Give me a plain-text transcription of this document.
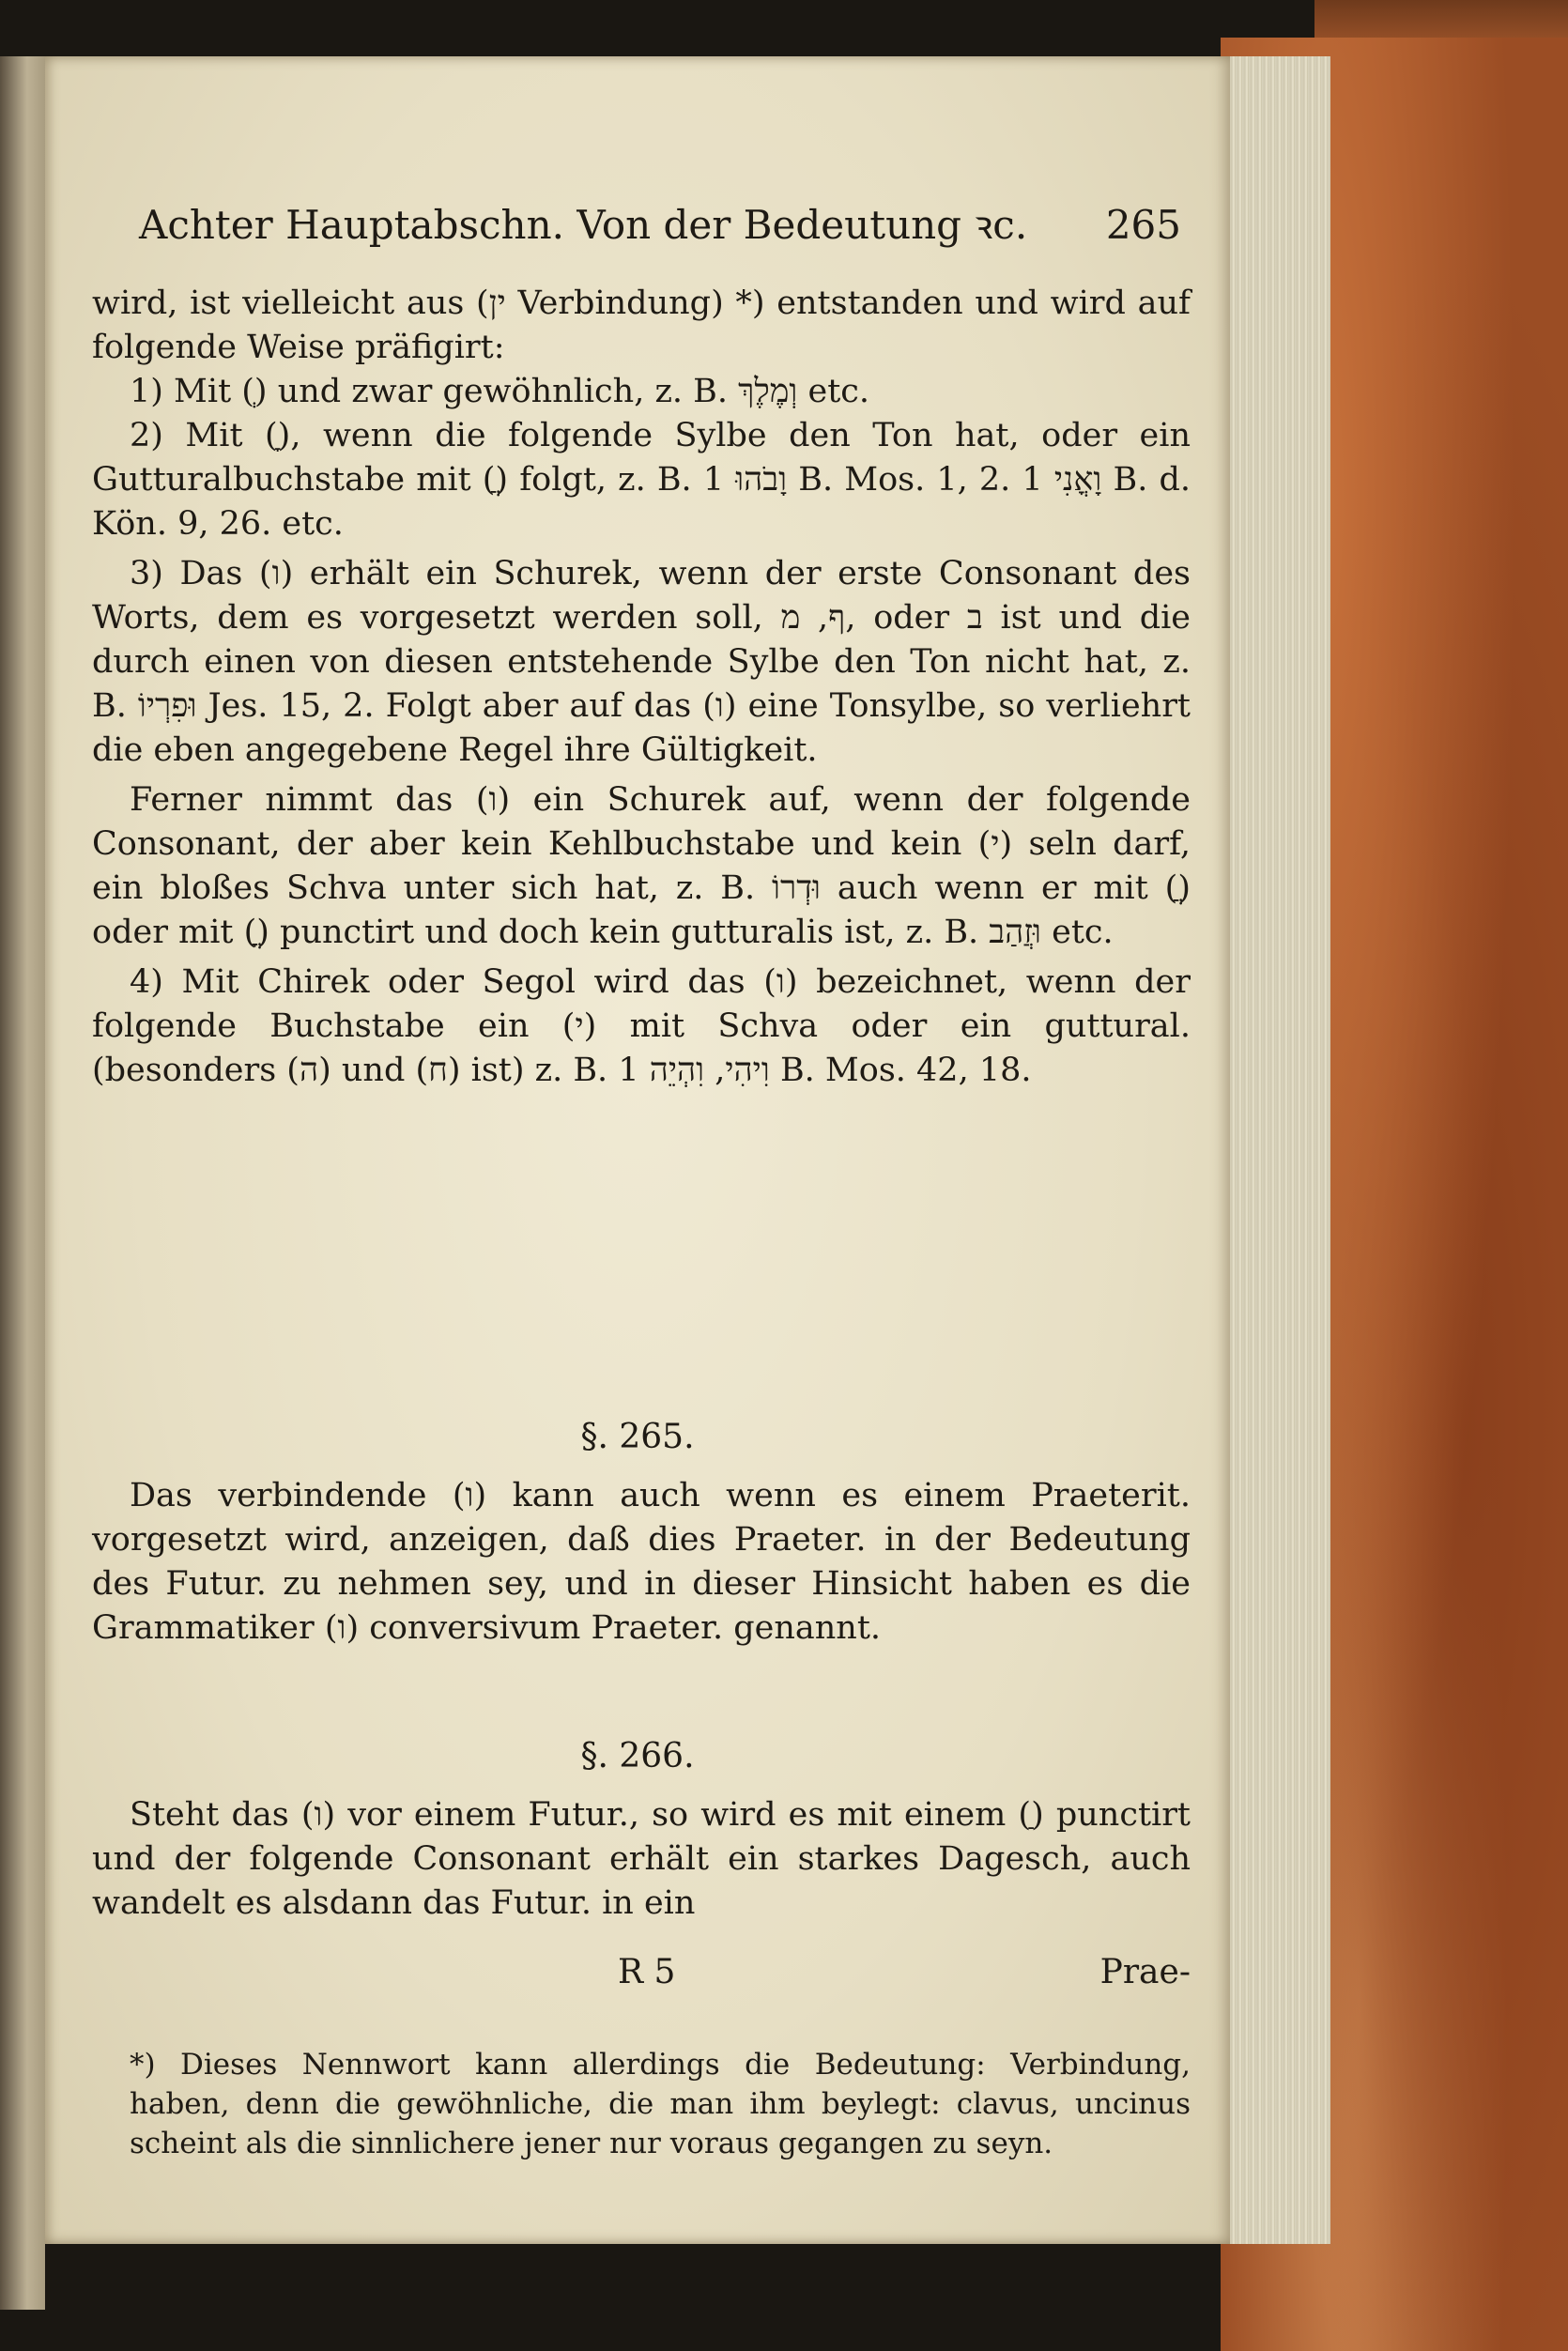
Achter Hauptabschn. Von der Bedeutung ꝛc. 265

wird, ist vielleicht aus (ין Verbindung) *) entstanden und wird auf folgende Weise präfigirt:

1) Mit (ְ) und zwar gewöhnlich, z. B. וְמֶלֶךְ etc.

2) Mit (ָ), wenn die folgende Sylbe den Ton hat, oder ein Gutturalbuchstabe mit (ֲ) folgt, z. B. וָבֹהוּ 1 B. Mos. 1, 2. וָאֳנִי 1 B. d. Kön. 9, 26. etc.

3) Das (ו) erhält ein Schurek, wenn der erste Consonant des Worts, dem es vorgesetzt werden soll, ף, מ, oder ב ist und die durch einen von diesen entstehende Sylbe den Ton nicht hat, z. B. וּפִרְיוֹ Jes. 15, 2. Folgt aber auf das (ו) eine Tonsylbe, so verliehrt die eben angegebene Regel ihre Gültigkeit.

Ferner nimmt das (ו) ein Schurek auf, wenn der folgende Consonant, der aber kein Kehlbuchstabe und kein (י) seln darf, ein bloßes Schva unter sich hat, z. B. וּדְרוֹ auch wenn er mit (ֲ) oder mit (ֳ) punctirt und doch kein gutturalis ist, z. B. וּזֲהַב etc.

4) Mit Chirek oder Segol wird das (ו) bezeichnet, wenn der folgende Buchstabe ein (י) mit Schva oder ein guttural. (besonders (ה) und (ח) ist) z. B. וִיהִי, וִהְיֵה 1 B. Mos. 42, 18.

§. 265.

Das verbindende (ו) kann auch wenn es einem Praeterit. vorgesetzt wird, anzeigen, daß dies Praeter. in der Bedeutung des Futur. zu nehmen sey, und in dieser Hinsicht haben es die Grammatiker (ו) conversivum Praeter. genannt.

§. 266.

Steht das (ו) vor einem Futur., so wird es mit einem (ַ) punctirt und der folgende Consonant erhält ein starkes Dagesch, auch wandelt es alsdann das Futur. in ein

R 5	Prae-

*) Dieses Nennwort kann allerdings die Bedeutung: Verbindung, haben, denn die gewöhnliche, die man ihm beylegt: clavus, uncinus scheint als die sinnlichere jener nur voraus gegangen zu seyn.
